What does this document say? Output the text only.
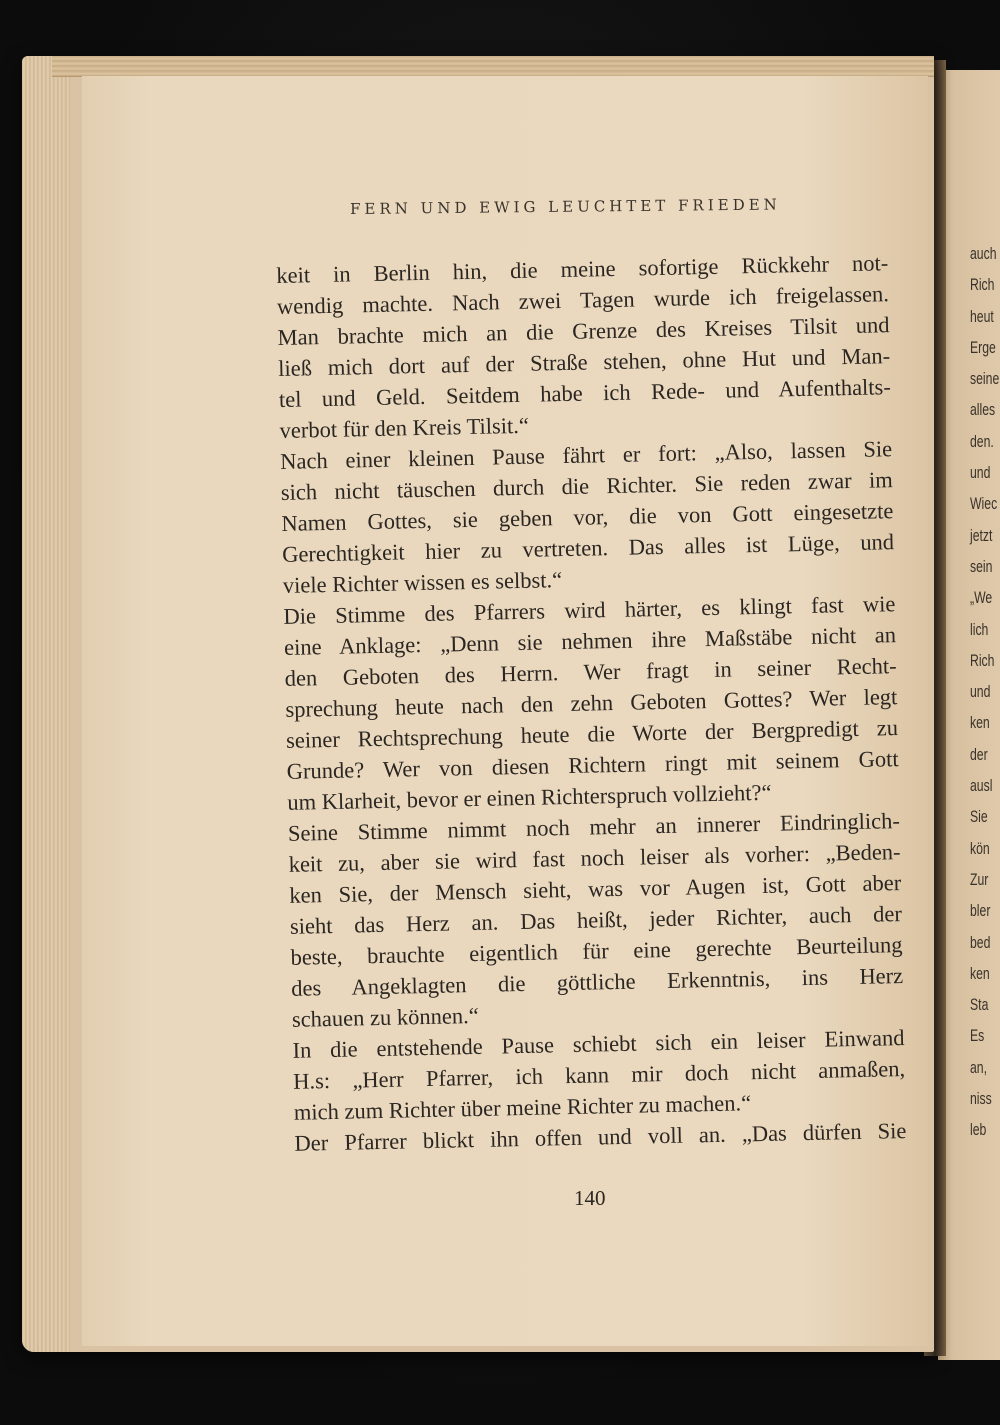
FERN UND EWIG LEUCHTET FRIEDEN
keit in Berlin hin, die meine sofortige Rückkehr not-
wendig machte. Nach zwei Tagen wurde ich freigelassen.
Man brachte mich an die Grenze des Kreises Tilsit und
ließ mich dort auf der Straße stehen, ohne Hut und Man-
tel und Geld. Seitdem habe ich Rede- und Aufenthalts-
verbot für den Kreis Tilsit.“
Nach einer kleinen Pause fährt er fort: „Also, lassen Sie
sich nicht täuschen durch die Richter. Sie reden zwar im
Namen Gottes, sie geben vor, die von Gott eingesetzte
Gerechtigkeit hier zu vertreten. Das alles ist Lüge, und
viele Richter wissen es selbst.“
Die Stimme des Pfarrers wird härter, es klingt fast wie
eine Anklage: „Denn sie nehmen ihre Maßstäbe nicht an
den Geboten des Herrn. Wer fragt in seiner Recht-
sprechung heute nach den zehn Geboten Gottes? Wer legt
seiner Rechtsprechung heute die Worte der Bergpredigt zu
Grunde? Wer von diesen Richtern ringt mit seinem Gott
um Klarheit, bevor er einen Richterspruch vollzieht?“
Seine Stimme nimmt noch mehr an innerer Eindringlich-
keit zu, aber sie wird fast noch leiser als vorher: „Beden-
ken Sie, der Mensch sieht, was vor Augen ist, Gott aber
sieht das Herz an. Das heißt, jeder Richter, auch der
beste, brauchte eigentlich für eine gerechte Beurteilung
des Angeklagten die göttliche Erkenntnis, ins Herz
schauen zu können.“
In die entstehende Pause schiebt sich ein leiser Einwand
H.s: „Herr Pfarrer, ich kann mir doch nicht anmaßen,
mich zum Richter über meine Richter zu machen.“
Der Pfarrer blickt ihn offen und voll an. „Das dürfen Sie
140
auch
Rich
heut
Erge
seine
alles
den.
und
Wiec
jetzt
sein
„We
lich
Rich
und
ken
der
ausl
Sie
kön
Zur
bler
bed
ken
Sta
Es
an,
niss
leb
